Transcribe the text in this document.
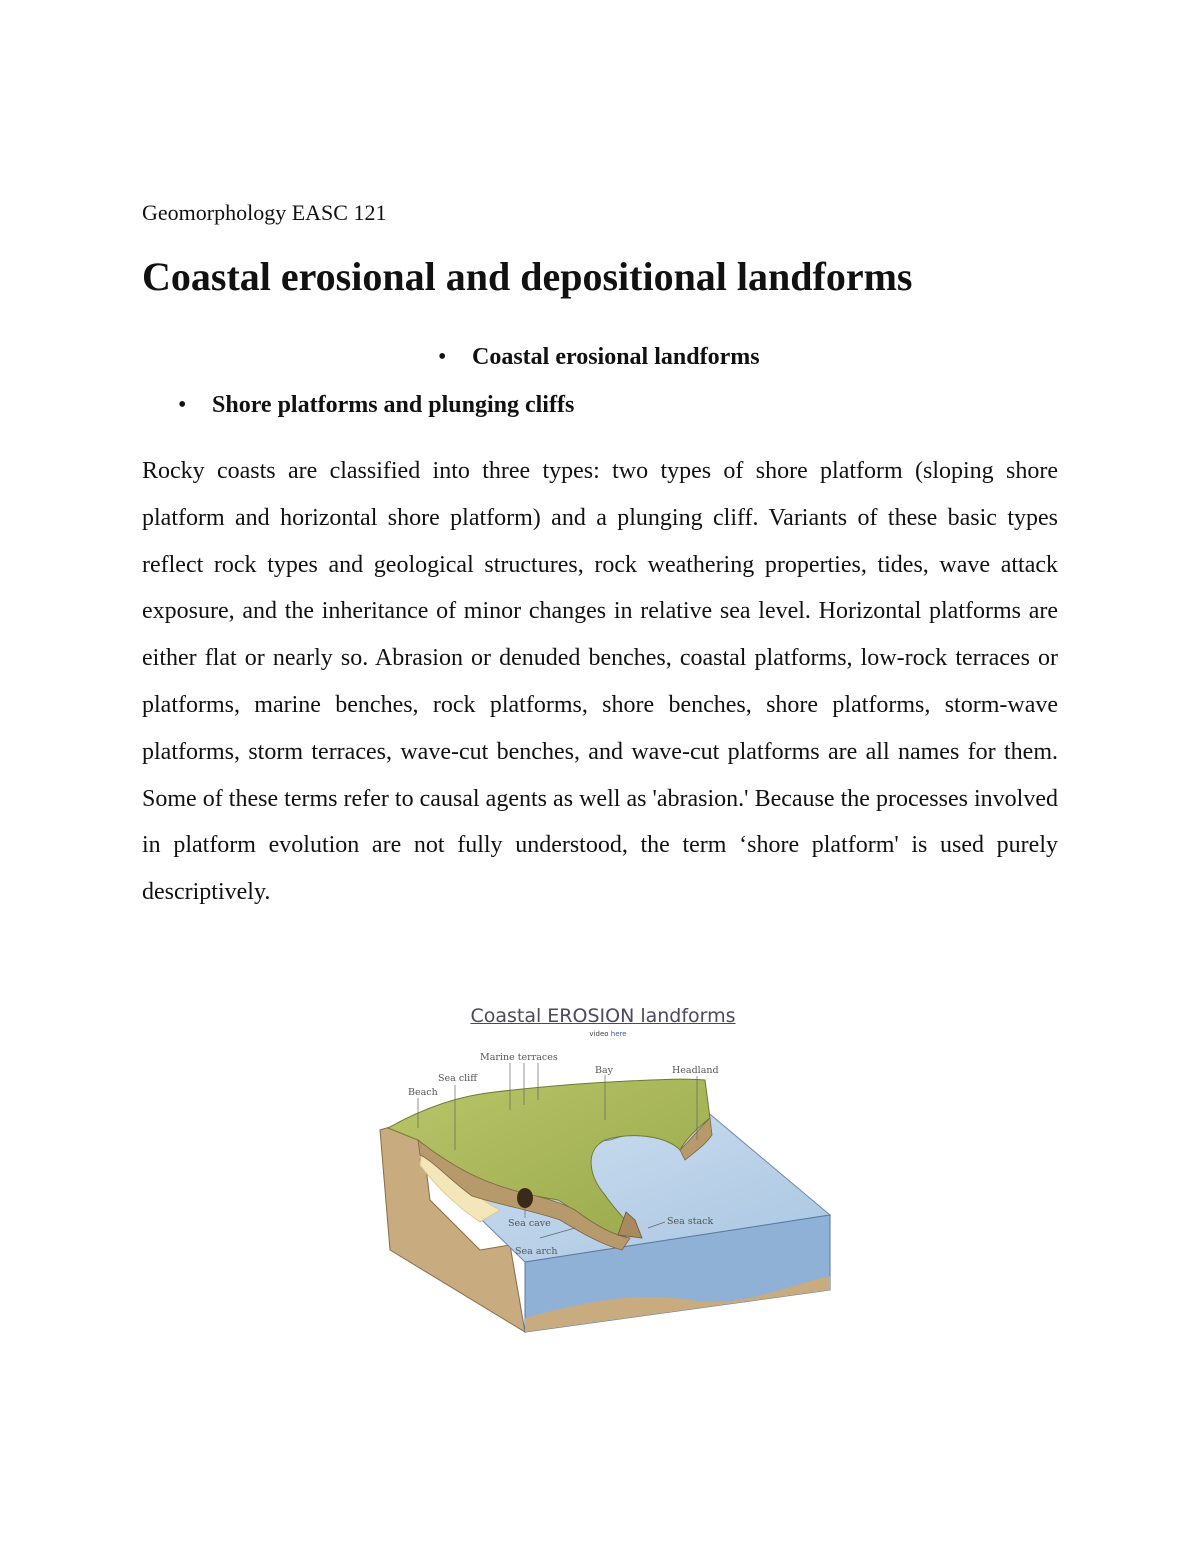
Geomorphology EASC 121

Coastal erosional and depositional landforms
• Coastal erosional landforms
• Shore platforms and plunging cliffs

Rocky coasts are classified into three types: two types of shore platform (sloping shore platform and horizontal shore platform) and a plunging cliff. Variants of these basic types reflect rock types and geological structures, rock weathering properties, tides, wave attack exposure, and the inheritance of minor changes in relative sea level. Horizontal platforms are either flat or nearly so. Abrasion or denuded benches, coastal platforms, low-rock terraces or platforms, marine benches, rock platforms, shore benches, shore platforms, storm-wave platforms, storm terraces, wave-cut benches, and wave-cut platforms are all names for them. Some of these terms refer to causal agents as well as 'abrasion.' Because the processes involved in platform evolution are not fully understood, the term ‘shore platform' is used purely descriptively.

Marine terraces
Sea cliff
Beach
Bay	Headland
Sea cave	Sea stack
Sea arch
Coastal EROSION landforms
video here
